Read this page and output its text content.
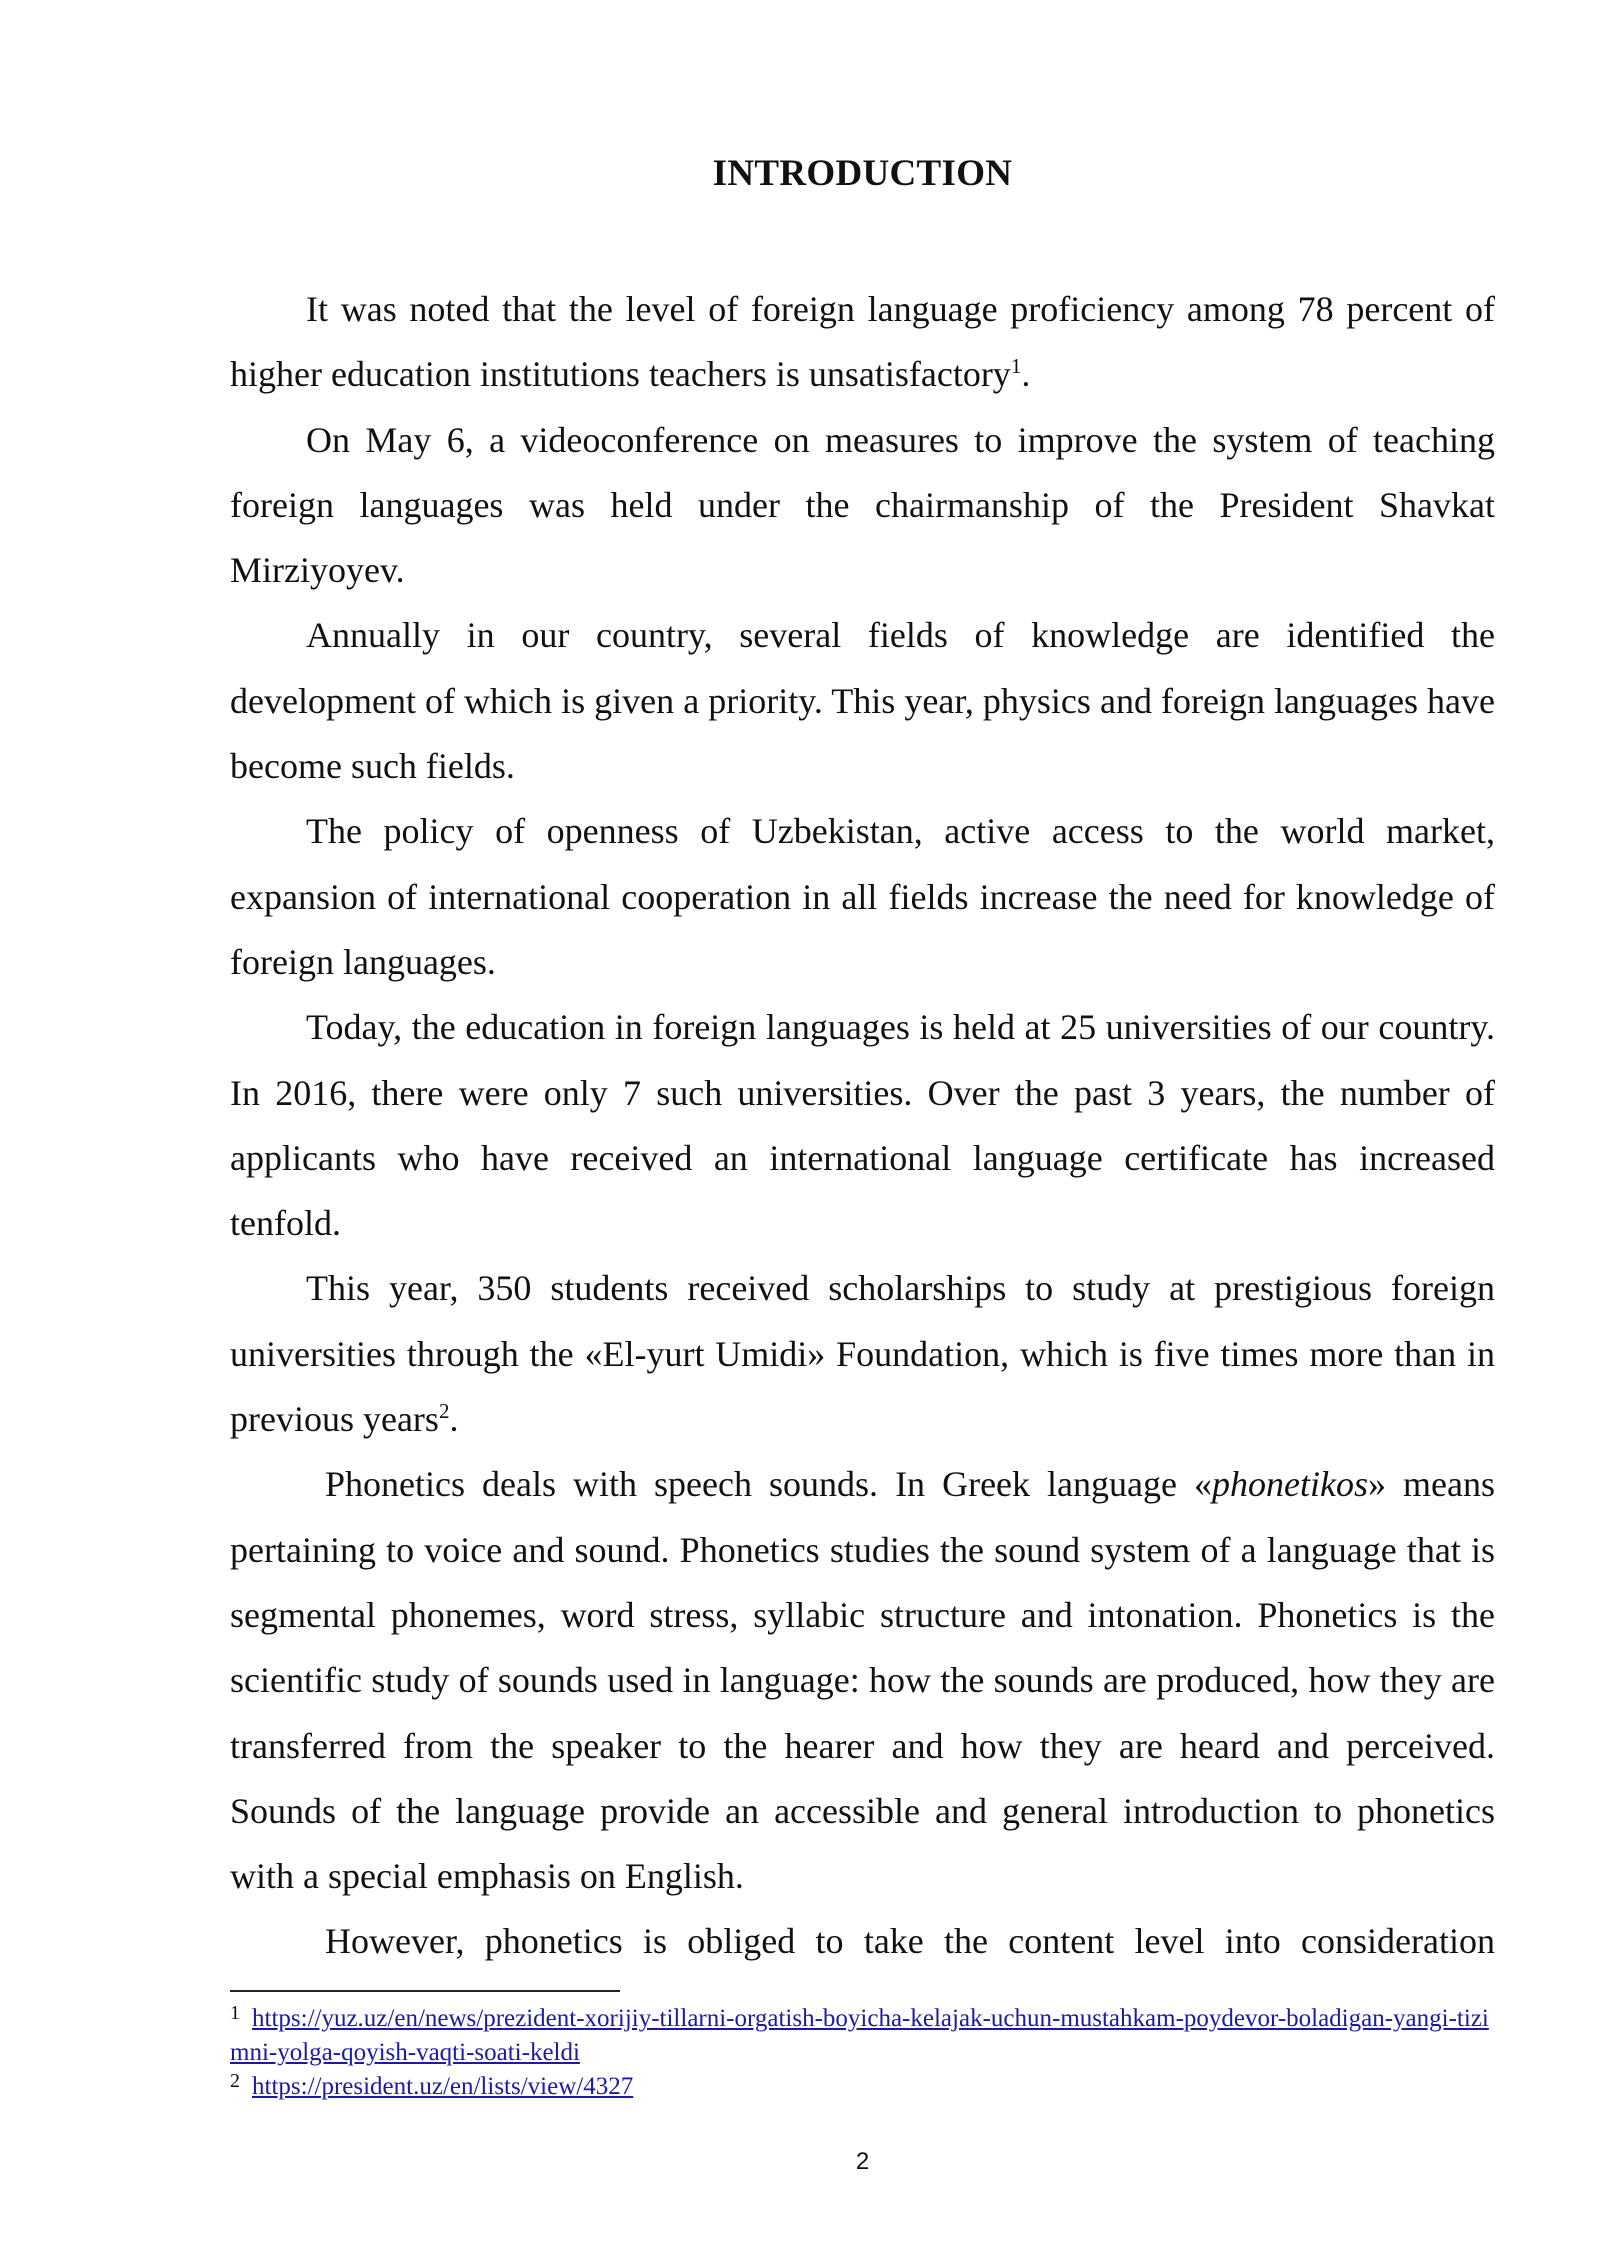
INTRODUCTION

It was noted that the level of foreign language proficiency among 78 percent of higher education institutions teachers is unsatisfactory$^1$.

On May 6, a videoconference on measures to improve the system of teaching foreign languages was held under the chairmanship of the President Shavkat Mirziyoyev.

Annually in our country, several fields of knowledge are identified the development of which is given a priority. This year, physics and foreign languages have become such fields.

The policy of openness of Uzbekistan, active access to the world market, expansion of international cooperation in all fields increase the need for knowledge of foreign languages.

Today, the education in foreign languages is held at 25 universities of our country. In 2016, there were only 7 such universities. Over the past 3 years, the number of applicants who have received an international language certificate has increased tenfold.

This year, 350 students received scholarships to study at prestigious foreign universities through the «El-yurt Umidi» Foundation, which is five times more than in previous years$^2$.

Phonetics deals with speech sounds. In Greek language «phonetikos» means pertaining to voice and sound. Phonetics studies the sound system of a language that is segmental phonemes, word stress, syllabic structure and intonation. Phonetics is the scientific study of sounds used in language: how the sounds are produced, how they are transferred from the speaker to the hearer and how they are heard and perceived. Sounds of the language provide an accessible and general introduction to phonetics with a special emphasis on English.

However, phonetics is obliged to take the content level into consideration

$^1$ https://yuz.uz/en/news/prezident-xorijiy-tillarni-orgatish-boyicha-kelajak-uchun-mustahkam-poydevor-boladigan-yangi-tizimni-yolga-qoyish-vaqti-soati-keldi

$^2$ https://president.uz/en/lists/view/4327

2
